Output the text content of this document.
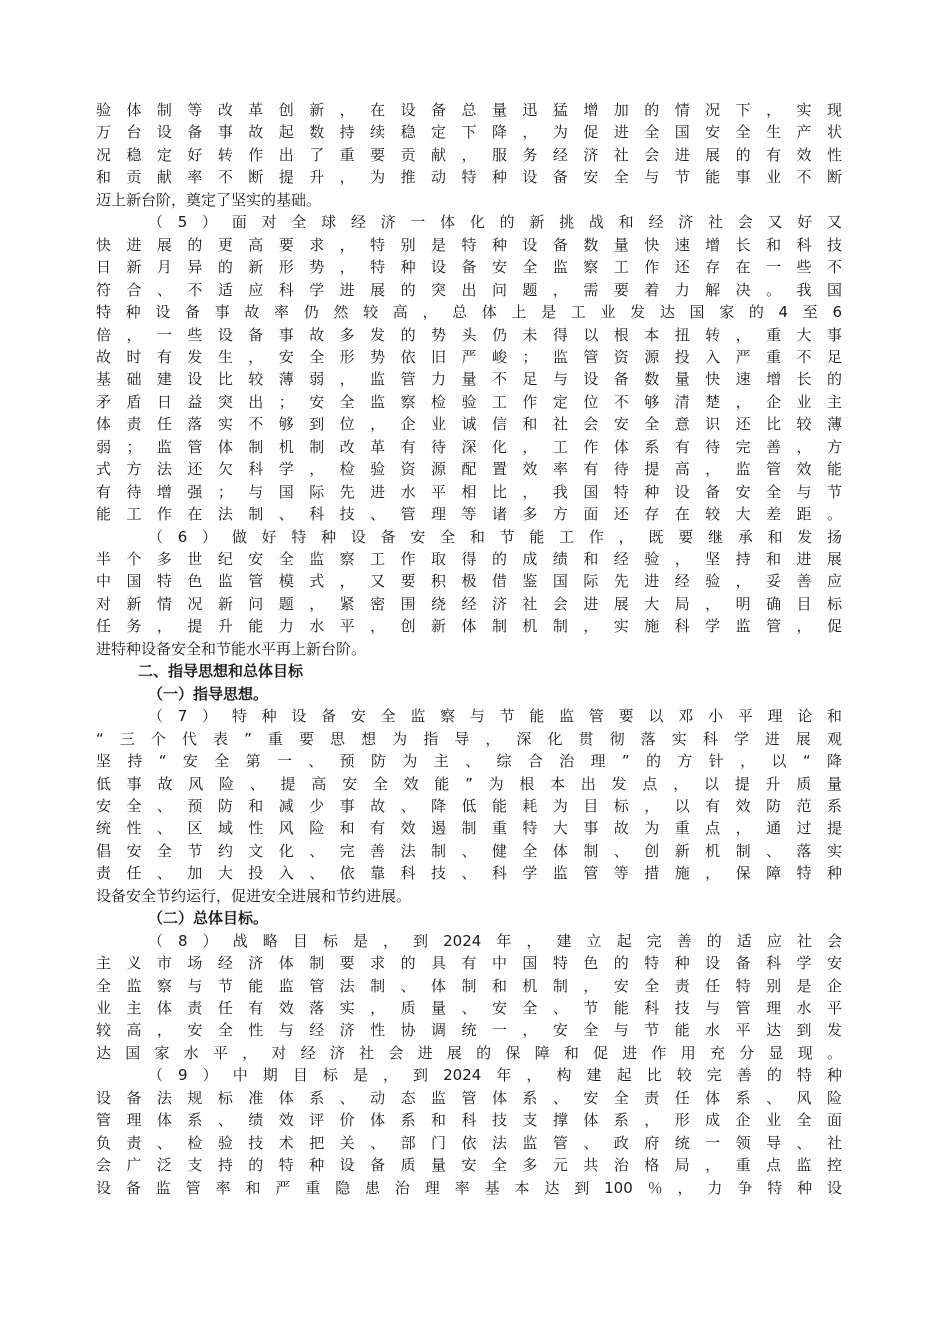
验体制等改革创新，在设备总量迅猛增加的情况下，实现
万台设备事故起数持续稳定下降，为促进全国安全生产状
况稳定好转作出了重要贡献，服务经济社会进展的有效性
和贡献率不断提升，为推动特种设备安全与节能事业不断
迈上新台阶，奠定了坚实的基础。
（5）面对全球经济一体化的新挑战和经济社会又好又
快进展的更高要求，特别是特种设备数量快速增长和科技
日新月异的新形势，特种设备安全监察工作还存在一些不
符合、不适应科学进展的突出问题，需要着力解决。我国
特种设备事故率仍然较高，总体上是工业发达国家的4至6
倍，一些设备事故多发的势头仍未得以根本扭转，重大事
故时有发生，安全形势依旧严峻；监管资源投入严重不足
基础建设比较薄弱，监管力量不足与设备数量快速增长的
矛盾日益突出；安全监察检验工作定位不够清楚，企业主
体责任落实不够到位，企业诚信和社会安全意识还比较薄
弱；监管体制机制改革有待深化，工作体系有待完善，方
式方法还欠科学，检验资源配置效率有待提高，监管效能
有待增强；与国际先进水平相比，我国特种设备安全与节
能工作在法制、科技、管理等诸多方面还存在较大差距。
（6）做好特种设备安全和节能工作，既要继承和发扬
半个多世纪安全监察工作取得的成绩和经验，坚持和进展
中国特色监管模式，又要积极借鉴国际先进经验，妥善应
对新情况新问题，紧密围绕经济社会进展大局，明确目标
任务，提升能力水平，创新体制机制，实施科学监管，促
进特种设备安全和节能水平再上新台阶。
二、指导思想和总体目标
（一）指导思想。
（7）特种设备安全监察与节能监管要以邓小平理论和
“三个代表”重要思想为指导，深化贯彻落实科学进展观
坚持“安全第一、预防为主、综合治理”的方针，以“降
低事故风险、提高安全效能”为根本出发点，以提升质量
安全、预防和减少事故、降低能耗为目标，以有效防范系
统性、区域性风险和有效遏制重特大事故为重点，通过提
倡安全节约文化、完善法制、健全体制、创新机制、落实
责任、加大投入、依靠科技、科学监管等措施，保障特种
设备安全节约运行，促进安全进展和节约进展。
（二）总体目标。
（8）战略目标是，到2024年，建立起完善的适应社会
主义市场经济体制要求的具有中国特色的特种设备科学安
全监察与节能监管法制、体制和机制，安全责任特别是企
业主体责任有效落实，质量、安全、节能科技与管理水平
较高，安全性与经济性协调统一，安全与节能水平达到发
达国家水平，对经济社会进展的保障和促进作用充分显现。
（9）中期目标是，到2024年，构建起比较完善的特种
设备法规标准体系、动态监管体系、安全责任体系、风险
管理体系、绩效评价体系和科技支撑体系，形成企业全面
负责、检验技术把关、部门依法监管、政府统一领导、社
会广泛支持的特种设备质量安全多元共治格局，重点监控
设备监管率和严重隐患治理率基本达到100％，力争特种设
